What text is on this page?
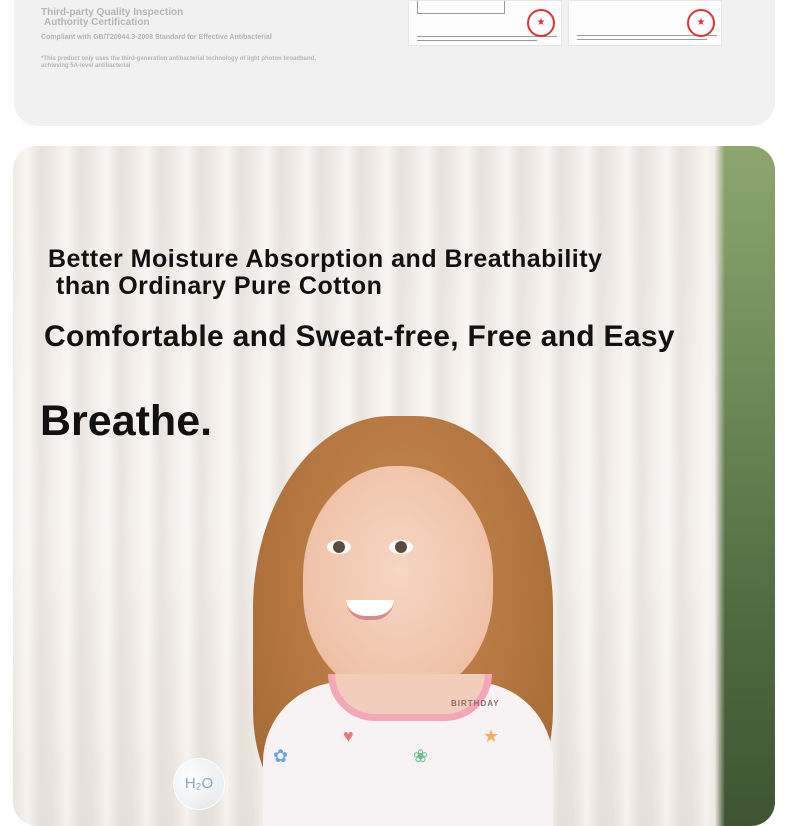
Third-party Quality Inspection
Authority Certification
Compliant with GB/T20944.3-2008 Standard for Effective Antibacterial
*This product only uses the third-generation antibacterial technology of light photon broadband, achieving 5A-level antibacterial
★	★
Better Moisture Absorption and Breathability
than Ordinary Pure Cotton
Comfortable and Sweat-free, Free and Easy
Breathe.
BIRTHDAY
✿
♥
❀
★
H₂O
